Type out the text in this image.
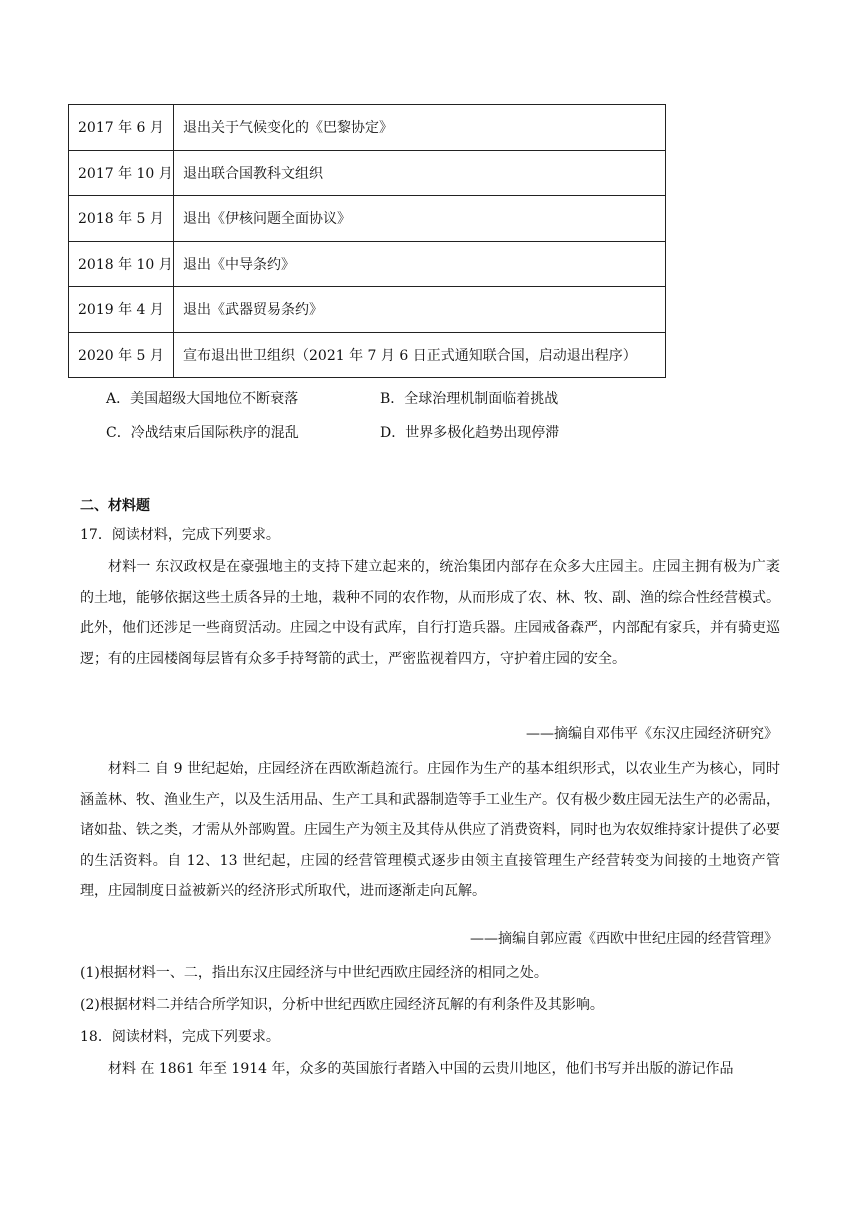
2017 年 6 月	退出关于气候变化的《巴黎协定》
2017 年 10 月	退出联合国教科文组织
2018 年 5 月	退出《伊核问题全面协议》
2018 年 10 月	退出《中导条约》
2019 年 4 月	退出《武器贸易条约》
2020 年 5 月	宣布退出世卫组织（2021 年 7 月 6 日正式通知联合国，启动退出程序）
A．美国超级大国地位不断衰落	B．全球治理机制面临着挑战
C．冷战结束后国际秩序的混乱	D．世界多极化趋势出现停滞
二、材料题
17．阅读材料，完成下列要求。

材料一 东汉政权是在豪强地主的支持下建立起来的，统治集团内部存在众多大庄园主。庄园主拥有极为广袤的土地，能够依据这些土质各异的土地，栽种不同的农作物，从而形成了农、林、牧、副、渔的综合性经营模式。此外，他们还涉足一些商贸活动。庄园之中设有武库，自行打造兵器。庄园戒备森严，内部配有家兵，并有骑吏巡逻；有的庄园楼阁每层皆有众多手持弩箭的武士，严密监视着四方，守护着庄园的安全。

——摘编自邓伟平《东汉庄园经济研究》

材料二 自 9 世纪起始，庄园经济在西欧渐趋流行。庄园作为生产的基本组织形式，以农业生产为核心，同时涵盖林、牧、渔业生产，以及生活用品、生产工具和武器制造等手工业生产。仅有极少数庄园无法生产的必需品，诸如盐、铁之类，才需从外部购置。庄园生产为领主及其侍从供应了消费资料，同时也为农奴维持家计提供了必要的生活资料。自 12、13 世纪起，庄园的经营管理模式逐步由领主直接管理生产经营转变为间接的土地资产管理，庄园制度日益被新兴的经济形式所取代，进而逐渐走向瓦解。

——摘编自郭应霞《西欧中世纪庄园的经营管理》
(1)根据材料一、二，指出东汉庄园经济与中世纪西欧庄园经济的相同之处。
(2)根据材料二并结合所学知识，分析中世纪西欧庄园经济瓦解的有利条件及其影响。
18．阅读材料，完成下列要求。
材料 在 1861 年至 1914 年，众多的英国旅行者踏入中国的云贵川地区，他们书写并出版的游记作品
